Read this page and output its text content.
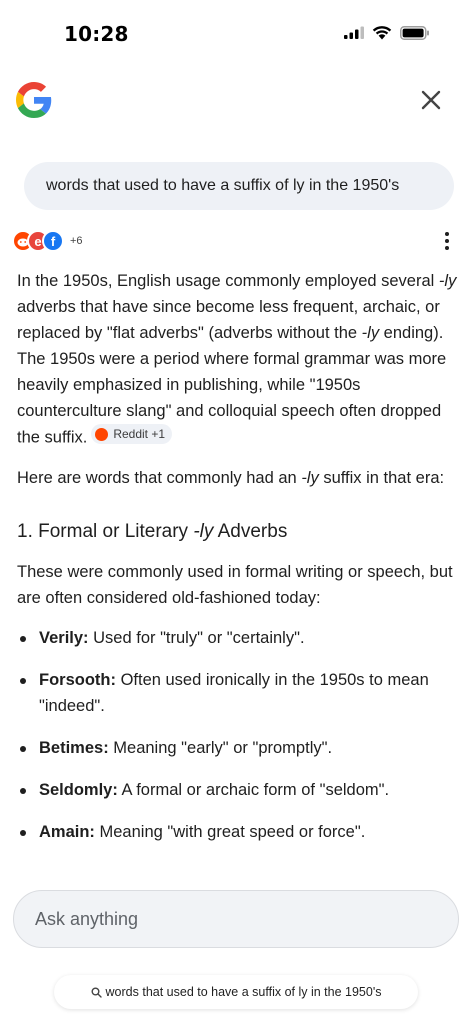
10:28
words that used to have a suffix of ly in the 1950's
e f	+6

In the 1950s, English usage commonly employed several -ly adverbs that have since become less frequent, archaic, or replaced by "flat adverbs" (adverbs without the -ly ending). The 1950s were a period where formal grammar was more heavily emphasized in publishing, while "1950s counterculture slang" and colloquial speech often dropped the suffix. Reddit +1

Here are words that commonly had an -ly suffix in that era:

1. Formal or Literary -ly Adverbs

These were commonly used in formal writing or speech, but are often considered old-fashioned today:

Verily: Used for "truly" or "certainly".
Forsooth: Often used ironically in the 1950s to mean "indeed".
Betimes: Meaning "early" or "promptly".
Seldomly: A formal or archaic form of "seldom".
Amain: Meaning "with great speed or force".
Ask anything
words that used to have a suffix of ly in the 1950's
